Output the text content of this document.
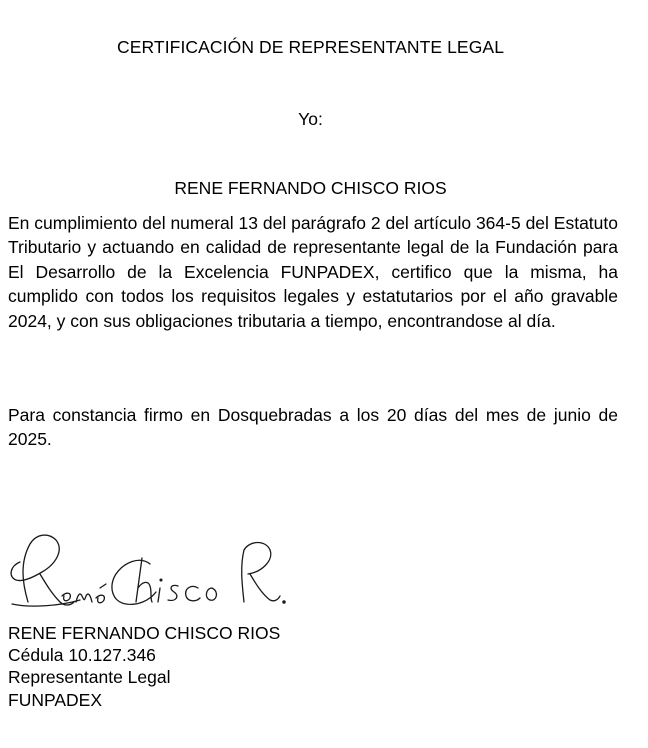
CERTIFICACIÓN DE REPRESENTANTE LEGAL
Yo:
RENE FERNANDO CHISCO RIOS
En cumplimiento del numeral 13 del parágrafo 2 del artículo 364-5 del Estatuto Tributario y actuando en calidad de representante legal de la Fundación para El Desarrollo de la Excelencia FUNPADEX, certifico que la misma, ha cumplido con todos los requisitos legales y estatutarios por el año gravable 2024, y con sus obligaciones tributaria a tiempo, encontrandose al día.
Para constancia firmo en Dosquebradas a los 20 días del mes de junio de 2025.
RENE FERNANDO CHISCO RIOS
Cédula 10.127.346
Representante Legal
FUNPADEX
